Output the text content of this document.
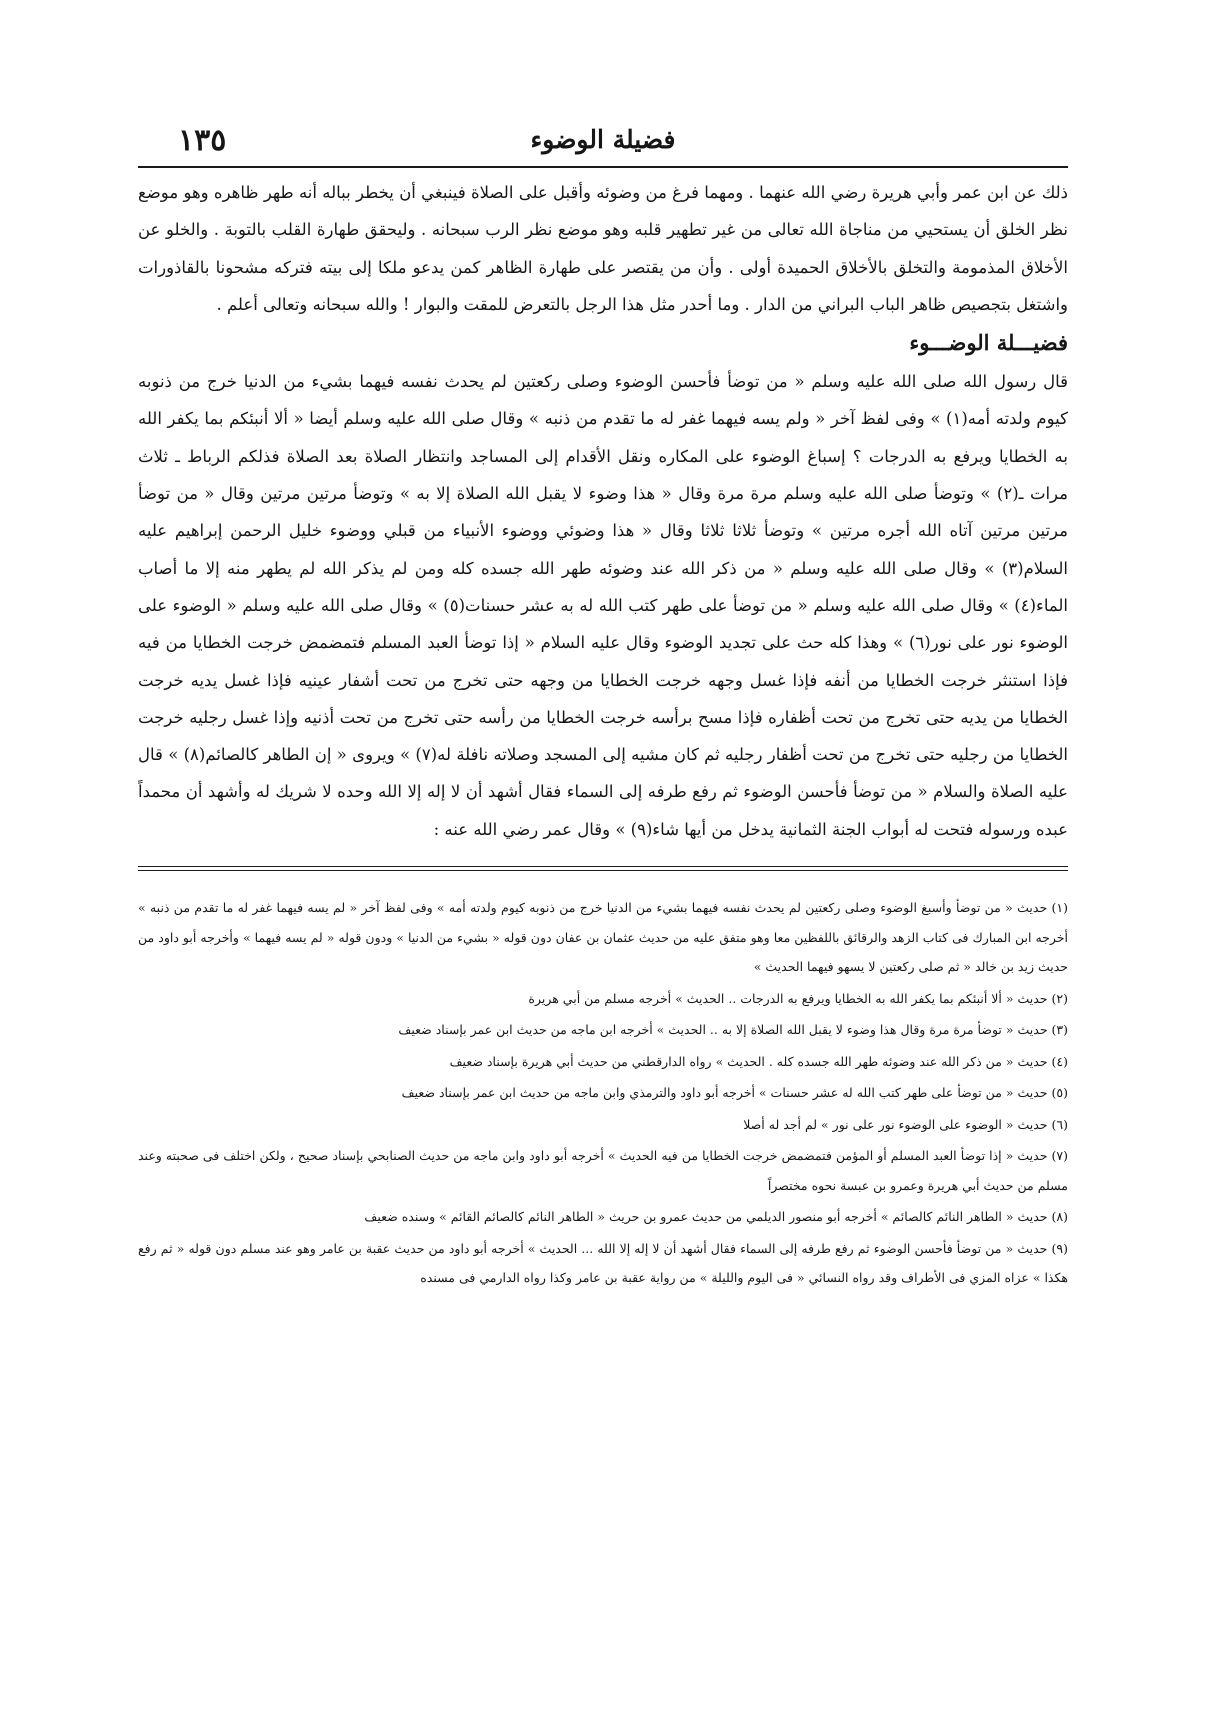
فضيلة الوضوء
١٣٥

ذلك عن ابن عمر وأبي هريرة رضي الله عنهما . ومهما فرغ من وضوئه وأقبل على الصلاة فينبغي أن يخطر بباله أنه طهر ظاهره وهو موضع نظر الخلق أن يستحيي من مناجاة الله تعالى من غير تطهير قلبه وهو موضع نظر الرب سبحانه . وليحقق طهارة القلب بالتوبة . والخلو عن الأخلاق المذمومة والتخلق بالأخلاق الحميدة أولى . وأن من يقتصر على طهارة الظاهر كمن يدعو ملكا إلى بيته فتركه مشحونا بالقاذورات واشتغل بتجصيص ظاهر الباب البراني من الدار . وما أحدر مثل هذا الرجل بالتعرض للمقت والبوار ! والله سبحانه وتعالى أعلم .

فضيـــلة الوضـــوء

قال رسول الله صلى الله عليه وسلم « من توضأ فأحسن الوضوء وصلى ركعتين لم يحدث نفسه فيهما بشيء من الدنيا خرج من ذنوبه كيوم ولدته أمه(١) » وفى لفظ آخر « ولم يسه فيهما غفر له ما تقدم من ذنبه » وقال صلى الله عليه وسلم أيضا « ألا أنبئكم بما يكفر الله به الخطايا ويرفع به الدرجات ؟ إسباغ الوضوء على المكاره ونقل الأقدام إلى المساجد وانتظار الصلاة بعد الصلاة فذلكم الرباط ـ ثلاث مرات ـ(٢) » وتوضأ صلى الله عليه وسلم مرة مرة وقال « هذا وضوء لا يقبل الله الصلاة إلا به » وتوضأ مرتين مرتين وقال « من توضأ مرتين مرتين آتاه الله أجره مرتين » وتوضأ ثلاثا ثلاثا وقال « هذا وضوئي ووضوء الأنبياء من قبلي ووضوء خليل الرحمن إبراهيم عليه السلام(٣) » وقال صلى الله عليه وسلم « من ذكر الله عند وضوئه طهر الله جسده كله ومن لم يذكر الله لم يطهر منه إلا ما أصاب الماء(٤) » وقال صلى الله عليه وسلم « من توضأ على طهر كتب الله له به عشر حسنات(٥) » وقال صلى الله عليه وسلم « الوضوء على الوضوء نور على نور(٦) » وهذا كله حث على تجديد الوضوء وقال عليه السلام « إذا توضأ العبد المسلم فتمضمض خرجت الخطايا من فيه فإذا استنثر خرجت الخطايا من أنفه فإذا غسل وجهه خرجت الخطايا من وجهه حتى تخرج من تحت أشفار عينيه فإذا غسل يديه خرجت الخطايا من يديه حتى تخرج من تحت أظفاره فإذا مسح برأسه خرجت الخطايا من رأسه حتى تخرج من تحت أذنيه وإذا غسل رجليه خرجت الخطايا من رجليه حتى تخرج من تحت أظفار رجليه ثم كان مشيه إلى المسجد وصلاته نافلة له(٧) » ويروى « إن الطاهر كالصائم(٨) » قال عليه الصلاة والسلام « من توضأ فأحسن الوضوء ثم رفع طرفه إلى السماء فقال أشهد أن لا إله إلا الله وحده لا شريك له وأشهد أن محمداً عبده ورسوله فتحت له أبواب الجنة الثمانية يدخل من أيها شاء(٩) » وقال عمر رضي الله عنه :

(١) حديث « من توضأ وأسبغ الوضوء وصلى ركعتين لم يحدث نفسه فيهما بشيء من الدنيا خرج من ذنوبه كيوم ولدته أمه » وفى لفظ آخر « لم يسه فيهما غفر له ما تقدم من ذنبه » أخرجه ابن المبارك فى كتاب الزهد والرقائق باللفظين معا وهو متفق عليه من حديث عثمان بن عفان دون قوله « بشيء من الدنيا » ودون قوله « لم يسه فيهما » وأخرجه أبو داود من حديث زيد بن خالد « ثم صلى ركعتين لا يسهو فيهما الحديث »

(٢) حديث « ألا أنبئكم بما يكفر الله به الخطايا ويرفع به الدرجات .. الحديث » أخرجه مسلم من أبي هريرة

(٣) حديث « توضأ مرة مرة وقال هذا وضوء لا يقبل الله الصلاة إلا به .. الحديث » أخرجه ابن ماجه من حديث ابن عمر بإسناد ضعيف

(٤) حديث « من ذكر الله عند وضوئه طهر الله جسده كله . الحديث » رواه الدارقطني من حديث أبي هريرة بإسناد ضعيف

(٥) حديث « من توضأ على طهر كتب الله له عشر حسنات » أخرجه أبو داود والترمذي وابن ماجه من حديث ابن عمر بإسناد ضعيف

(٦) حديث « الوضوء على الوضوء نور على نور » لم أجد له أصلا

(٧) حديث « إذا توضأ العبد المسلم أو المؤمن فتمضمض خرجت الخطايا من فيه الحديث » أخرجه أبو داود وابن ماجه من حديث الصنابحي بإسناد صحيح ، ولكن اختلف فى صحبته وعند مسلم من حديث أبي هريرة وعمرو بن عبسة نحوه مختصراً

(٨) حديث « الطاهر النائم كالصائم » أخرجه أبو منصور الديلمي من حديث عمرو بن حريث « الطاهر النائم كالصائم القائم » وسنده ضعيف

(٩) حديث « من توضأ فأحسن الوضوء ثم رفع طرفه إلى السماء فقال أشهد أن لا إله إلا الله ... الحديث » أخرجه أبو داود من حديث عقبة بن عامر وهو عند مسلم دون قوله « ثم رفع هكذا » عزاه المزي فى الأطراف وقد رواه النسائي « فى اليوم والليلة » من رواية عقبة بن عامر وكذا رواه الدارمي فى مسنده
